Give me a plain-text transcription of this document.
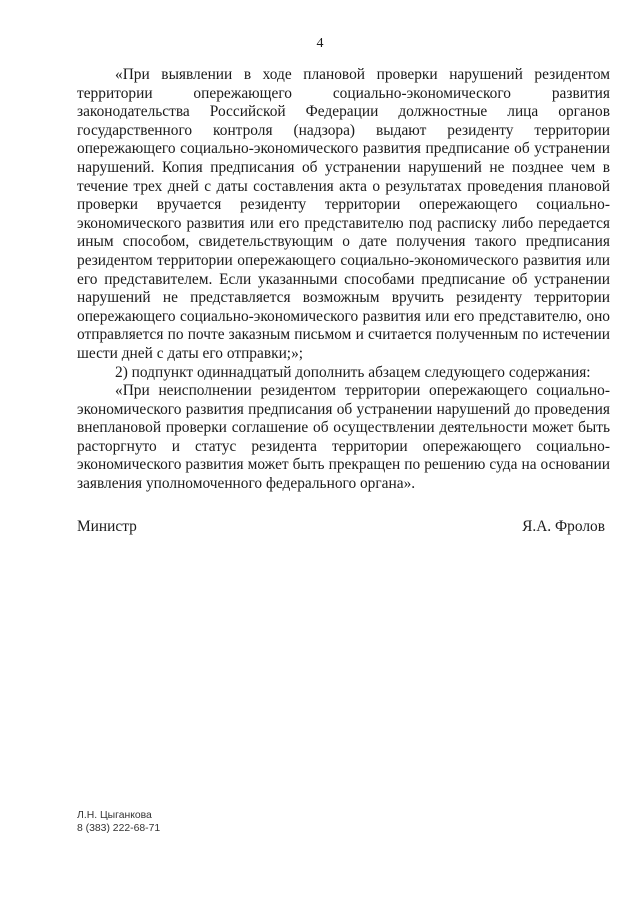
4

«При выявлении в ходе плановой проверки нарушений резидентом территории опережающего социально-экономического развития законодательства Российской Федерации должностные лица органов государственного контроля (надзора) выдают резиденту территории опережающего социально-экономического развития предписание об устранении нарушений. Копия предписания об устранении нарушений не позднее чем в течение трех дней с даты составления акта о результатах проведения плановой проверки вручается резиденту территории опережающего социально-экономического развития или его представителю под расписку либо передается иным способом, свидетельствующим о дате получения такого предписания резидентом территории опережающего социально-экономического развития или его представителем. Если указанными способами предписание об устранении нарушений не представляется возможным вручить резиденту территории опережающего социально-экономического развития или его представителю, оно отправляется по почте заказным письмом и считается полученным по истечении шести дней с даты его отправки;»;

2) подпункт одиннадцатый дополнить абзацем следующего содержания:

«При неисполнении резидентом территории опережающего социально-экономического развития предписания об устранении нарушений до проведения внеплановой проверки соглашение об осуществлении деятельности может быть расторгнуто и статус резидента территории опережающего социально-экономического развития может быть прекращен по решению суда на основании заявления уполномоченного федерального органа».

Министр	Я.А. Фролов
Л.Н. Цыганкова
8 (383) 222-68-71
